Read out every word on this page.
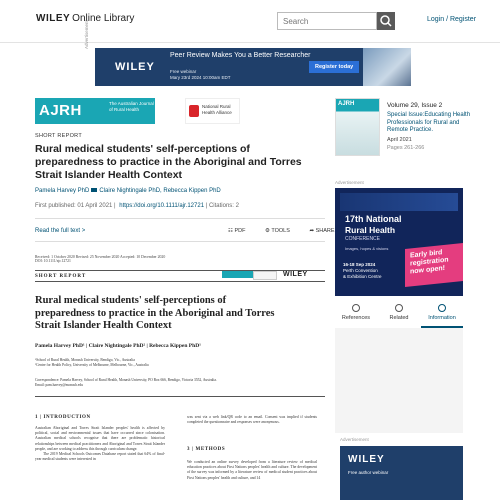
WILEY Online Library
Search	Login / Register
Advertisement
WILEY
Peer Review Makes You a Better Researcher
Free webinar
Mary 23rd 2024 10:00am EDT
Register today
AJRH	The Australian Journal of Rural Health	National Rural Health Alliance
SHORT REPORT
Rural medical students' self-perceptions of preparedness to practice in the Aboriginal and Torres Strait Islander Health Context
Pamela Harvey PhD Claire Nightingale PhD, Rebecca Kippen PhD
First published: 01 April 2021 | https://doi.org/10.1111/ajr.12721 | Citations: 2
Read the full text >	☷ PDF	⚙ TOOLS	➦ SHARE
Received: 1 October 2020 Revised: 25 November 2020 Accepted: 10 December 2020
DOI: 10.1111/ajr.12721
SHORT REPORT	WILEY
Rural medical students' self-perceptions of preparedness to practice in the Aboriginal and Torres Strait Islander Health Context
Pamela Harvey PhD¹ | Claire Nightingale PhD² | Rebecca Kippen PhD¹
¹School of Rural Health, Monash University, Bendigo, Vic., Australia
²Centre for Health Policy, University of Melbourne, Melbourne, Vic., Australia
Correspondence: Pamela Harvey, School of Rural Health, Monash University, PO Box 666, Bendigo, Victoria 3552, Australia.
Email: pam.harvey@monash.edu
1 | INTRODUCTION
Australian Aboriginal and Torres Strait Islander peoples' health is affected by political, social and environmental issues that have occurred since colonisation. Australian medical schools recognise that there are problematic historical relationships between medical practitioners and Aboriginal and Torres Strait Islander people, and are working to address this through curriculum change.
The 2019 Medical Schools Outcomes Database report stated that 64% of final-year medical students were interested in
was sent via a web link/QR code to an email. Consent was implied if students completed the questionnaire and responses were anonymous.
3 | METHODS
We conducted an online survey developed from a literature review of medical education practices about First Nations peoples' health and culture. The development of the survey was informed by a literature review of medical student practices about First Nations peoples' health and culture, and 14
AJRH	Volume 29, Issue 2
Special Issue:Educating Health Professionals for Rural and Remote Practice.
April 2021
Pages 261-266
Advertisement
17th National
Rural Health
CONFERENCE
Images, hopes & visions
16-18 Sep 2024
Perth Convention
& Exhibition Centre
Early bird registration now open!
References	Related	Information
Advertisement
WILEY
Free author webinar
